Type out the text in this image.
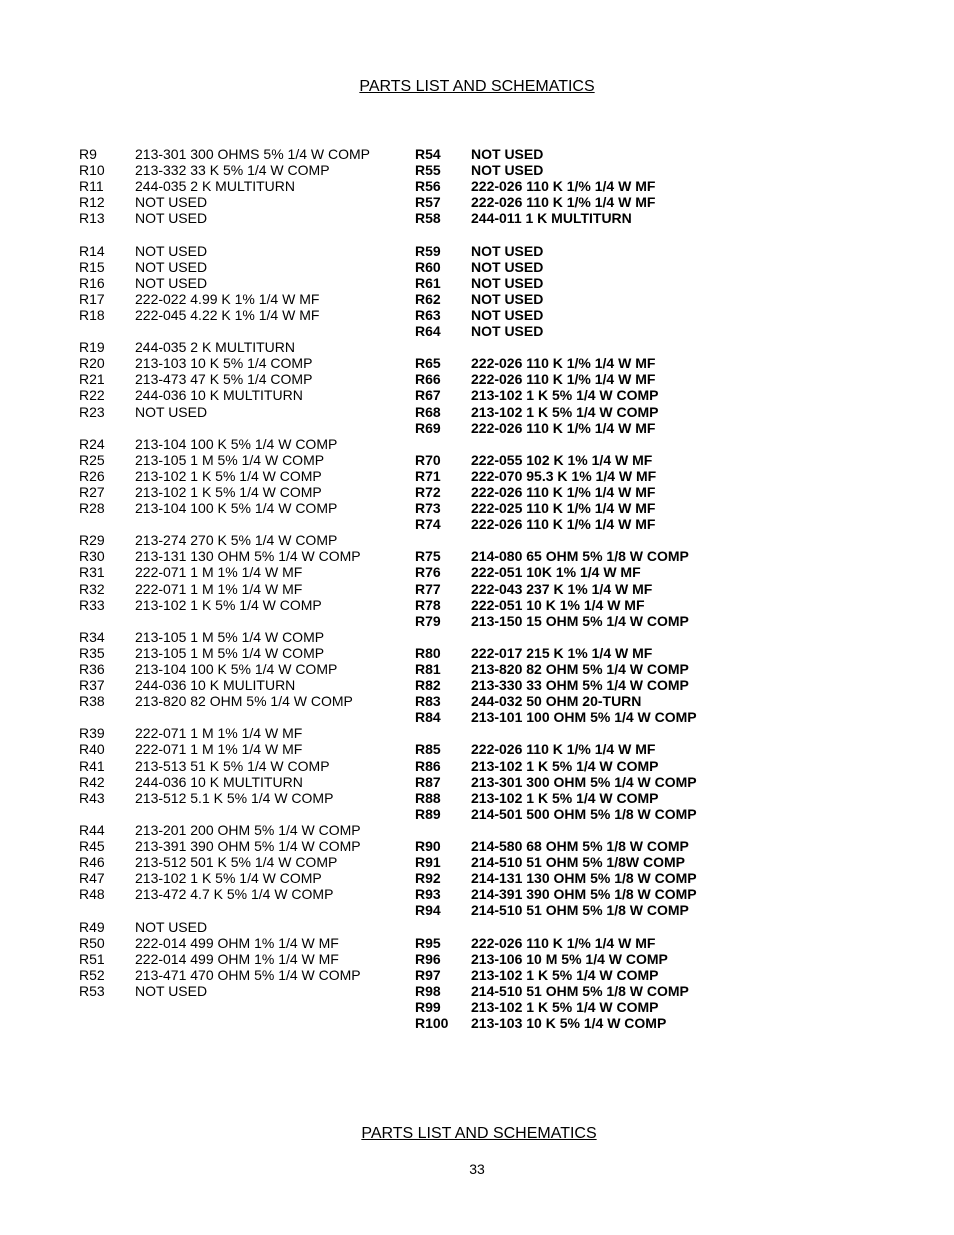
PARTS LIST AND SCHEMATICS
R9	213-301 300 OHMS 5% 1/4 W COMP
R10 213-332 33 K 5% 1/4 W COMP
R11 244-035 2 K MULTITURN
R12 NOT USED
R13 NOT USED
R14 NOT USED
R15 NOT USED
R16 NOT USED
R17 222-022 4.99 K 1% 1/4 W MF
R18 222-045 4.22 K 1% 1/4 W MF
R19 244-035 2 K MULTITURN
R20 213-103 10 K 5% 1/4 COMP
R21 213-473 47 K 5% 1/4 COMP
R22 244-036 10 K MULTITURN
R23 NOT USED
R24 213-104 100 K 5% 1/4 W COMP
R25 213-105 1 M 5% 1/4 W COMP
R26 213-102 1 K 5% 1/4 W COMP
R27 213-102 1 K 5% 1/4 W COMP
R28 213-104 100 K 5% 1/4 W COMP
R29 213-274 270 K 5% 1/4 W COMP
R30 213-131 130 OHM 5% 1/4 W COMP
R31 222-071 1 M 1% 1/4 W MF
R32 222-071 1 M 1% 1/4 W MF
R33 213-102 1 K 5% 1/4 W COMP
R34 213-105 1 M 5% 1/4 W COMP
R35 213-105 1 M 5% 1/4 W COMP
R36 213-104 100 K 5% 1/4 W COMP
R37 244-036 10 K MULITURN
R38 213-820 82 OHM 5% 1/4 W COMP
R39 222-071 1 M 1% 1/4 W MF
R40 222-071 1 M 1% 1/4 W MF
R41 213-513 51 K 5% 1/4 W COMP
R42 244-036 10 K MULTITURN
R43 213-512 5.1 K 5% 1/4 W COMP
R44 213-201 200 OHM 5% 1/4 W COMP
R45 213-391 390 OHM 5% 1/4 W COMP
R46 213-512 501 K 5% 1/4 W COMP
R47 213-102 1 K 5% 1/4 W COMP
R48 213-472 4.7 K 5% 1/4 W COMP
R49 NOT USED
R50 222-014 499 OHM 1% 1/4 W MF
R51 222-014 499 OHM 1% 1/4 W MF
R52 213-471 470 OHM 5% 1/4 W COMP
R53 NOT USED
R54 NOT USED
R55 NOT USED
R56 222-026 110 K 1/% 1/4 W MF
R57 222-026 110 K 1/% 1/4 W MF
R58 244-011 1 K MULTITURN
R59 NOT USED
R60 NOT USED
R61 NOT USED
R62 NOT USED
R63 NOT USED
R64 NOT USED
R65 222-026 110 K 1/% 1/4 W MF
R66 222-026 110 K 1/% 1/4 W MF
R67 213-102 1 K 5% 1/4 W COMP
R68 213-102 1 K 5% 1/4 W COMP
R69 222-026 110 K 1/% 1/4 W MF
R70 222-055 102 K 1% 1/4 W MF
R71 222-070 95.3 K 1% 1/4 W MF
R72 222-026 110 K 1/% 1/4 W MF
R73 222-025 110 K 1/% 1/4 W MF
R74 222-026 110 K 1/% 1/4 W MF
R75 214-080 65 OHM 5% 1/8 W COMP
R76 222-051 10K 1% 1/4 W MF
R77 222-043 237 K 1% 1/4 W MF
R78 222-051 10 K 1% 1/4 W MF
R79 213-150 15 OHM 5% 1/4 W COMP
R80 222-017 215 K 1% 1/4 W MF
R81 213-820 82 OHM 5% 1/4 W COMP
R82 213-330 33 OHM 5% 1/4 W COMP
R83 244-032 50 OHM 20-TURN
R84 213-101 100 OHM 5% 1/4 W COMP
R85 222-026 110 K 1/% 1/4 W MF
R86 213-102 1 K 5% 1/4 W COMP
R87 213-301 300 OHM 5% 1/4 W COMP
R88 213-102 1 K 5% 1/4 W COMP
R89 214-501 500 OHM 5% 1/8 W COMP
R90 214-580 68 OHM 5% 1/8 W COMP
R91 214-510 51 OHM 5% 1/8W COMP
R92 214-131 130 OHM 5% 1/8 W COMP
R93 214-391 390 OHM 5% 1/8 W COMP
R94 214-510 51 OHM 5% 1/8 W COMP
R95 222-026 110 K 1/% 1/4 W MF
R96 213-106 10 M 5% 1/4 W COMP
R97 213-102 1 K 5% 1/4 W COMP
R98 214-510 51 OHM 5% 1/8 W COMP
R99 213-102 1 K 5% 1/4 W COMP
R100 213-103 10 K 5% 1/4 W COMP
PARTS LIST AND SCHEMATICS
33
